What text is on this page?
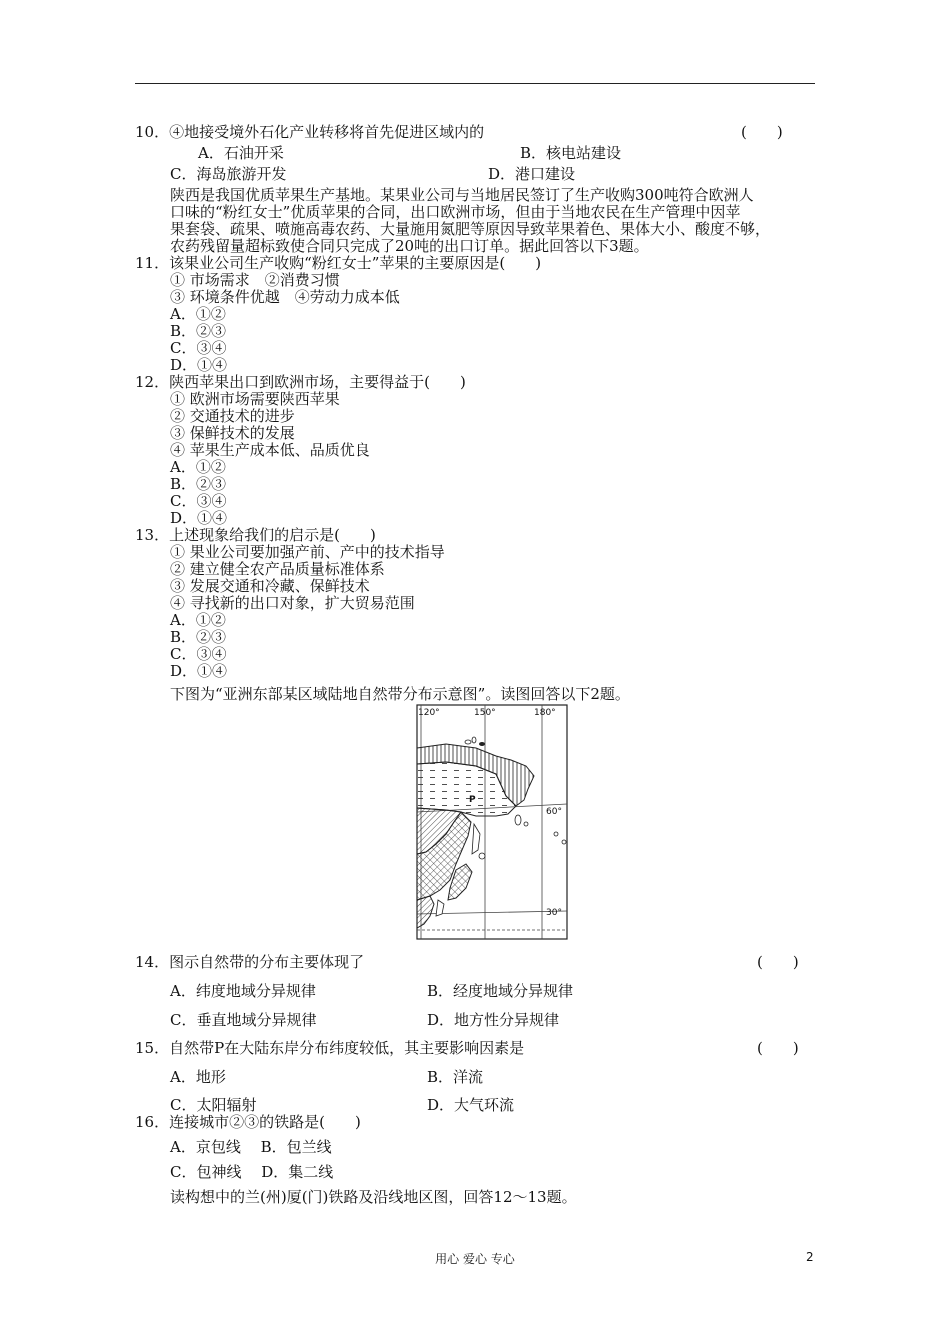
10．④地接受境外石化产业转移将首先促进区域内的	(　　)
A．石油开采	B．核电站建设
C．海岛旅游开发	D．港口建设
陕西是我国优质苹果生产基地。某果业公司与当地居民签订了生产收购300吨符合欧洲人
口味的“粉红女士”优质苹果的合同，出口欧洲市场，但由于当地农民在生产管理中因苹
果套袋、疏果、喷施高毒农药、大量施用氮肥等原因导致苹果着色、果体大小、酸度不够，
农药残留量超标致使合同只完成了20吨的出口订单。据此回答以下3题。
11．该果业公司生产收购“粉红女士”苹果的主要原因是(　　)
① 市场需求　②消费习惯
③ 环境条件优越　④劳动力成本低
A．①②
B．②③
C．③④
D．①④
12．陕西苹果出口到欧洲市场，主要得益于(　　)
① 欧洲市场需要陕西苹果
② 交通技术的进步
③ 保鲜技术的发展
④ 苹果生产成本低、品质优良
A．①②
B．②③
C．③④
D．①④
13．上述现象给我们的启示是(　　)
① 果业公司要加强产前、产中的技术指导
② 建立健全农产品质量标准体系
③ 发展交通和冷藏、保鲜技术
④ 寻找新的出口对象，扩大贸易范围
A．①②
B．②③
C．③④
D．①④
下图为“亚洲东部某区域陆地自然带分布示意图”。读图回答以下2题。
120°	150°	180°
60°
30°
P
14．图示自然带的分布主要体现了	(　　)
A．纬度地域分异规律	B．经度地域分异规律
C．垂直地域分异规律	D．地方性分异规律
15．自然带P在大陆东岸分布纬度较低，其主要影响因素是	(　　)
A．地形	B．洋流
C．太阳辐射	D．大气环流
16．连接城市②③的铁路是(　　)
A．京包线　 B．包兰线
C．包神线　 D．集二线
读构想中的兰(州)厦(门)铁路及沿线地区图，回答12～13题。
用心 爱心 专心	2
